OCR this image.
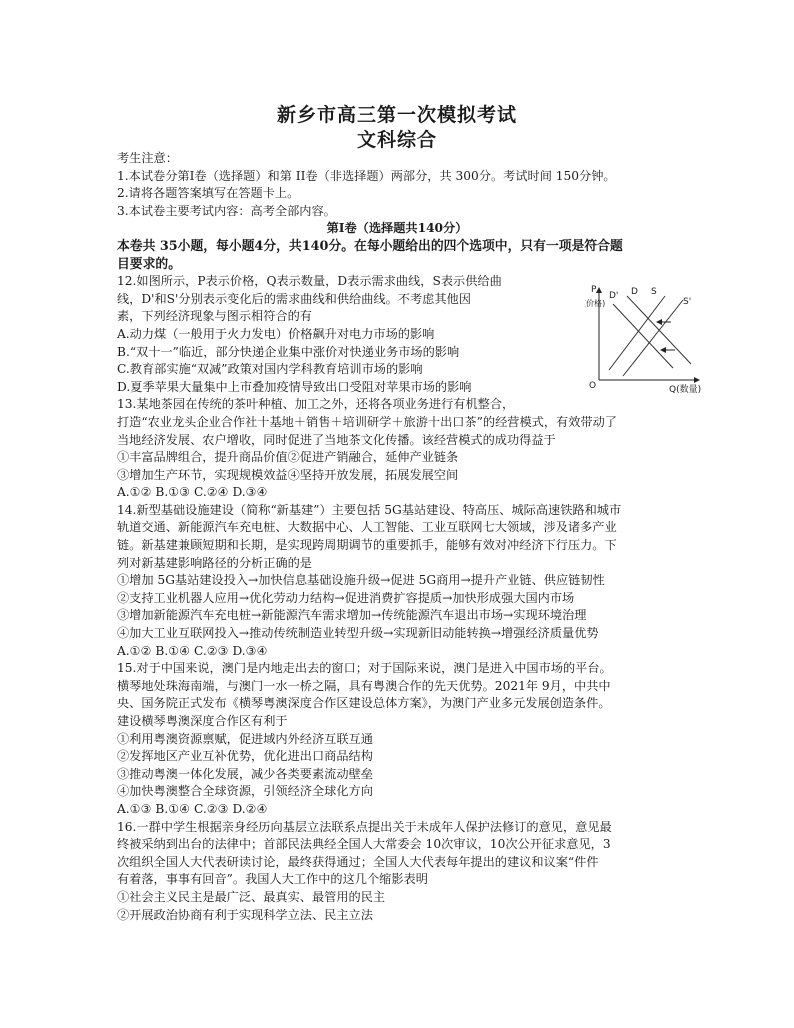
新乡市高三第一次模拟考试
文科综合
考生注意：
1.本试卷分第Ⅰ卷（选择题）和第 II卷（非选择题）两部分，共 300分。考试时间 150分钟。
2.请将各题答案填写在答题卡上。
3.本试卷主要考试内容：高考全部内容。
第Ⅰ卷（选择题共140分）
本卷共 35小题，每小题4分，共140分。在每小题给出的四个选项中，只有一项是符合题
目要求的。
12.如图所示，P表示价格，Q表示数量，D表示需求曲线，S表示供给曲
线，D'和S'分别表示变化后的需求曲线和供给曲线。不考虑其他因
素，下列经济现象与图示相符合的有
A.动力煤（一般用于火力发电）价格飙升对电力市场的影响
B.“双十一”临近，部分快递企业集中涨价对快递业务市场的影响
C.教育部实施“双减”政策对国内学科教育培训市场的影响
D.夏季苹果大量集中上市叠加疫情导致出口受阻对苹果市场的影响
13.某地茶园在传统的茶叶种植、加工之外，还将各项业务进行有机整合，
打造“农业龙头企业合作社十基地＋销售＋培训研学＋旅游十出口茶”的经营模式，有效带动了
当地经济发展、农户增收，同时促进了当地茶文化传播。该经营模式的成功得益于
①丰富品牌组合，提升商品价值②促进产销融合，延伸产业链条
③增加生产环节，实现规模效益④坚持开放发展，拓展发展空间
A.①② B.①③ C.②④ D.③④
14.新型基础设施建设（简称“新基建”）主要包括 5G基站建设、特高压、城际高速铁路和城市
轨道交通、新能源汽车充电桩、大数据中心、人工智能、工业互联网七大领域，涉及诸多产业
链。新基建兼顾短期和长期，是实现跨周期调节的重要抓手，能够有效对冲经济下行压力。下
列对新基建影响路径的分析正确的是
①增加 5G基站建设投入→加快信息基础设施升级→促进 5G商用→提升产业链、供应链韧性
②支持工业机器人应用→优化劳动力结构→促进消费扩容提质→加快形成强大国内市场
③增加新能源汽车充电桩→新能源汽车需求增加→传统能源汽车退出市场→实现环境治理
④加大工业互联网投入→推动传统制造业转型升级→实现新旧动能转换→增强经济质量优势
A.①② B.①④ C.②③ D.③④
15.对于中国来说，澳门是内地走出去的窗口；对于国际来说，澳门是进入中国市场的平台。
横琴地处珠海南端，与澳门一水一桥之隔，具有粤澳合作的先天优势。2021年 9月，中共中
央、国务院正式发布《横琴粤澳深度合作区建设总体方案》，为澳门产业多元发展创造条件。
建设横琴粤澳深度合作区有利于
①利用粤澳资源禀赋，促进域内外经济互联互通
②发挥地区产业互补优势，优化进出口商品结构
③推动粤澳一体化发展，减少各类要素流动壁垒
④加快粤澳整合全球资源，引领经济全球化方向
A.①③ B.①④ C.②③ D.②④
16.一群中学生根据亲身经历向基层立法联系点提出关于未成年人保护法修订的意见，意见最
终被采纳到出台的法律中；首部民法典经全国人大常委会 10次审议，10次公开征求意见，3
次组织全国人大代表研读讨论，最终获得通过；全国人大代表每年提出的建议和议案“件件
有着落，事事有回音”。我国人大工作中的这几个缩影表明
①社会主义民主是最广泛、最真实、最管用的民主
②开展政治协商有利于实现科学立法、民主立法
P
(价格)
Q(数量)
O
D' D S
S'
